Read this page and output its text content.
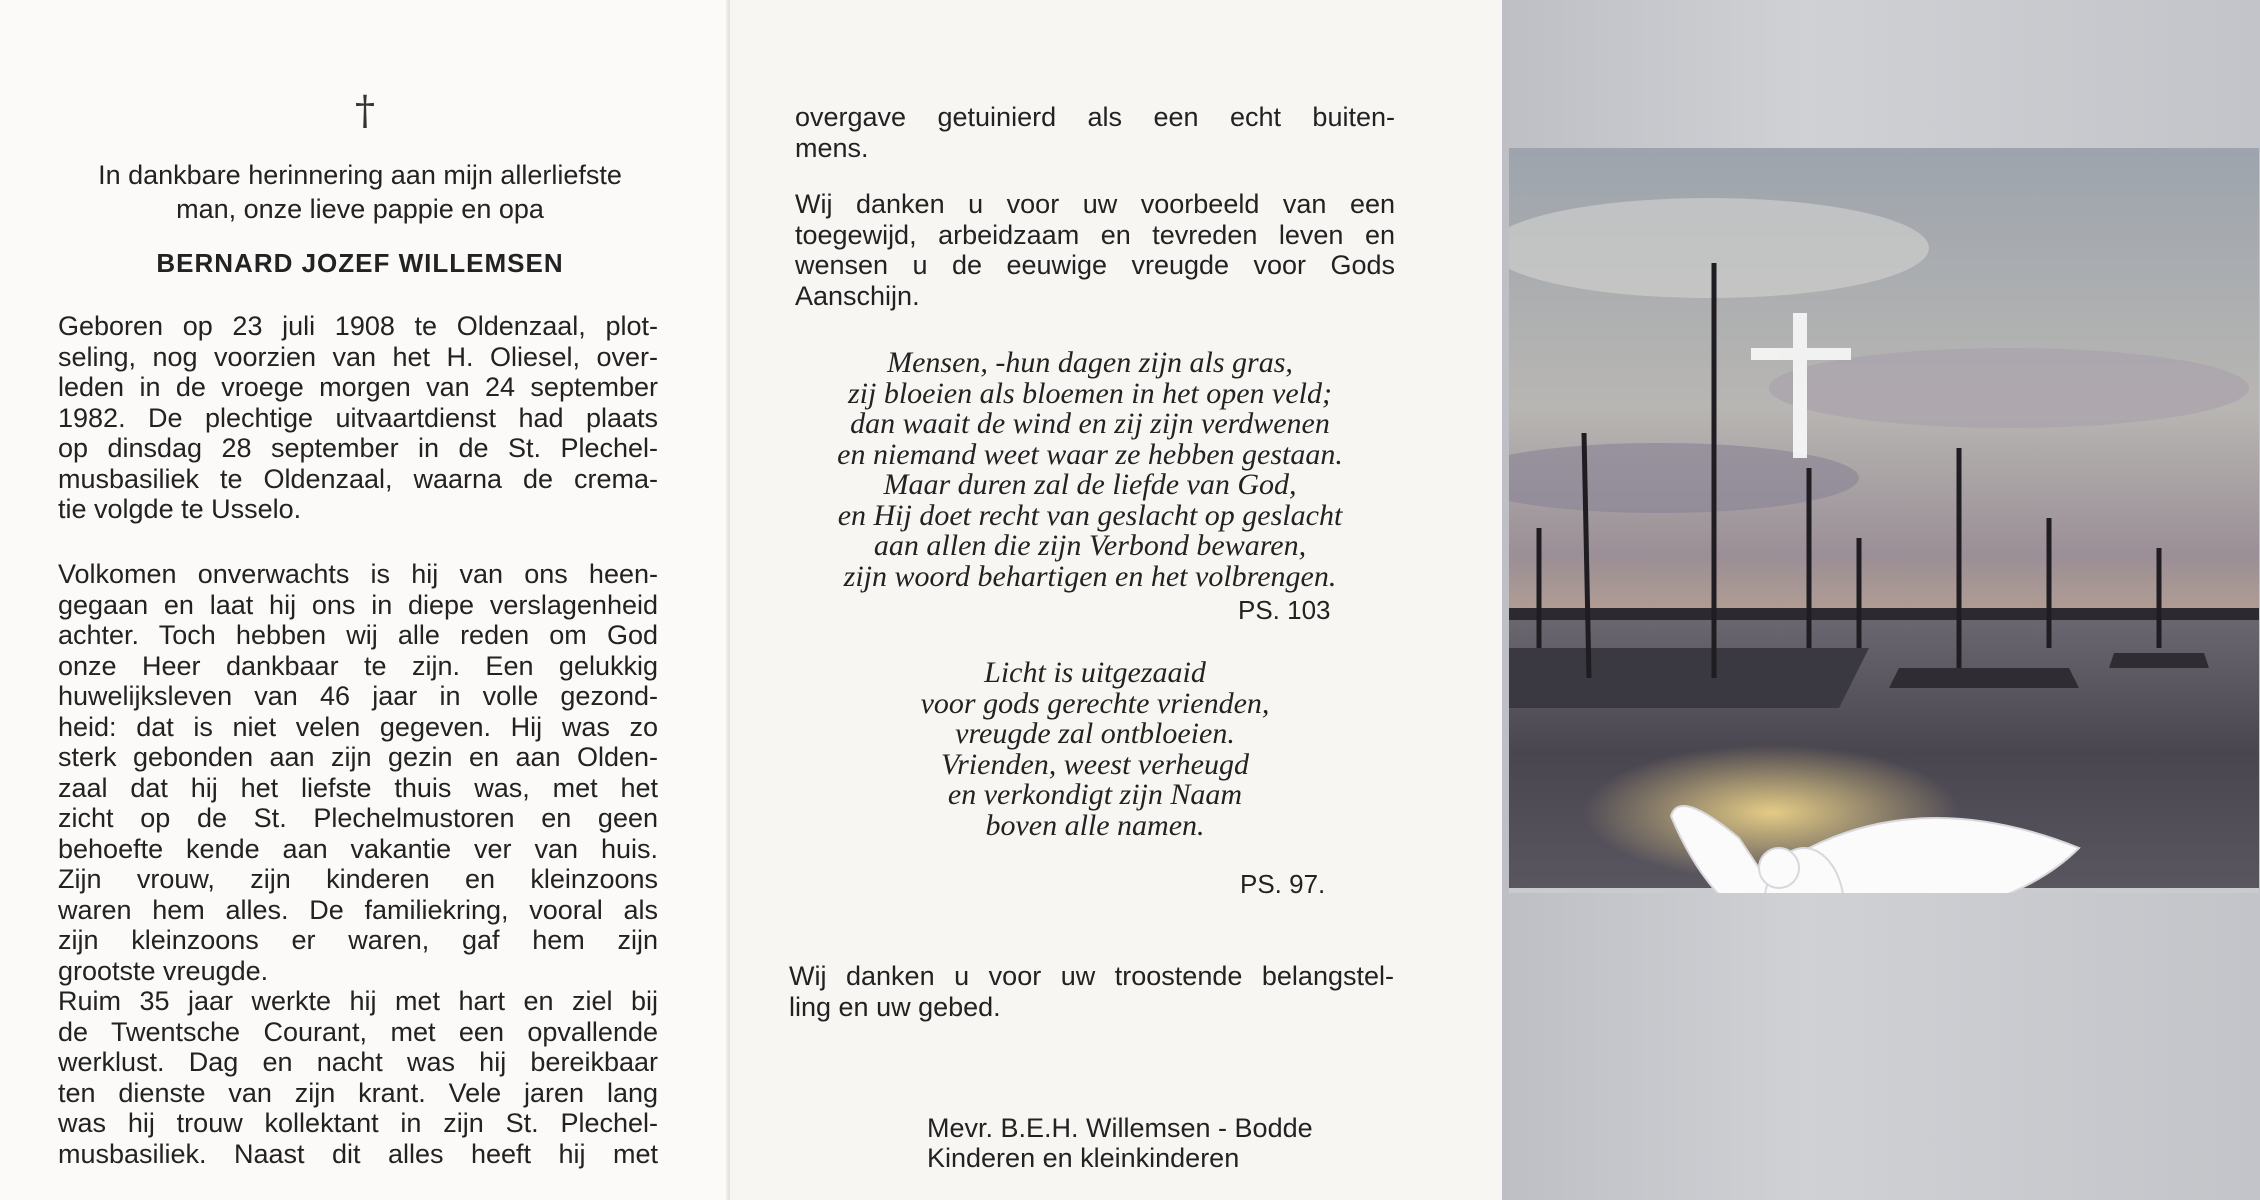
†
In dankbare herinnering aan mijn allerliefste
man, onze lieve pappie en opa
BERNARD JOZEF WILLEMSEN
Geboren op 23 juli 1908 te Oldenzaal, plot-
seling, nog voorzien van het H. Oliesel, over-
leden in de vroege morgen van 24 september
1982. De plechtige uitvaartdienst had plaats
op dinsdag 28 september in de St. Plechel-
musbasiliek te Oldenzaal, waarna de crema-
tie volgde te Usselo.
Volkomen onverwachts is hij van ons heen-
gegaan en laat hij ons in diepe verslagenheid
achter. Toch hebben wij alle reden om God
onze Heer dankbaar te zijn. Een gelukkig
huwelijksleven van 46 jaar in volle gezond-
heid: dat is niet velen gegeven. Hij was zo
sterk gebonden aan zijn gezin en aan Olden-
zaal dat hij het liefste thuis was, met het
zicht op de St. Plechelmustoren en geen
behoefte kende aan vakantie ver van huis.
Zijn vrouw, zijn kinderen en kleinzoons
waren hem alles. De familiekring, vooral als
zijn kleinzoons er waren, gaf hem zijn
grootste vreugde.
Ruim 35 jaar werkte hij met hart en ziel bij
de Twentsche Courant, met een opvallende
werklust. Dag en nacht was hij bereikbaar
ten dienste van zijn krant. Vele jaren lang
was hij trouw kollektant in zijn St. Plechel-
musbasiliek. Naast dit alles heeft hij met
overgave getuinierd als een echt buiten-
mens.
Wij danken u voor uw voorbeeld van een
toegewijd, arbeidzaam en tevreden leven en
wensen u de eeuwige vreugde voor Gods
Aanschijn.
Mensen, -hun dagen zijn als gras,
zij bloeien als bloemen in het open veld;
dan waait de wind en zij zijn verdwenen
en niemand weet waar ze hebben gestaan.
Maar duren zal de liefde van God,
en Hij doet recht van geslacht op geslacht
aan allen die zijn Verbond bewaren,
zijn woord behartigen en het volbrengen.
PS. 103
Licht is uitgezaaid
voor gods gerechte vrienden,
vreugde zal ontbloeien.
Vrienden, weest verheugd
en verkondigt zijn Naam
boven alle namen.
PS. 97.
Wij danken u voor uw troostende belangstel-
ling en uw gebed.
Mevr. B.E.H. Willemsen - Bodde
Kinderen en kleinkinderen
